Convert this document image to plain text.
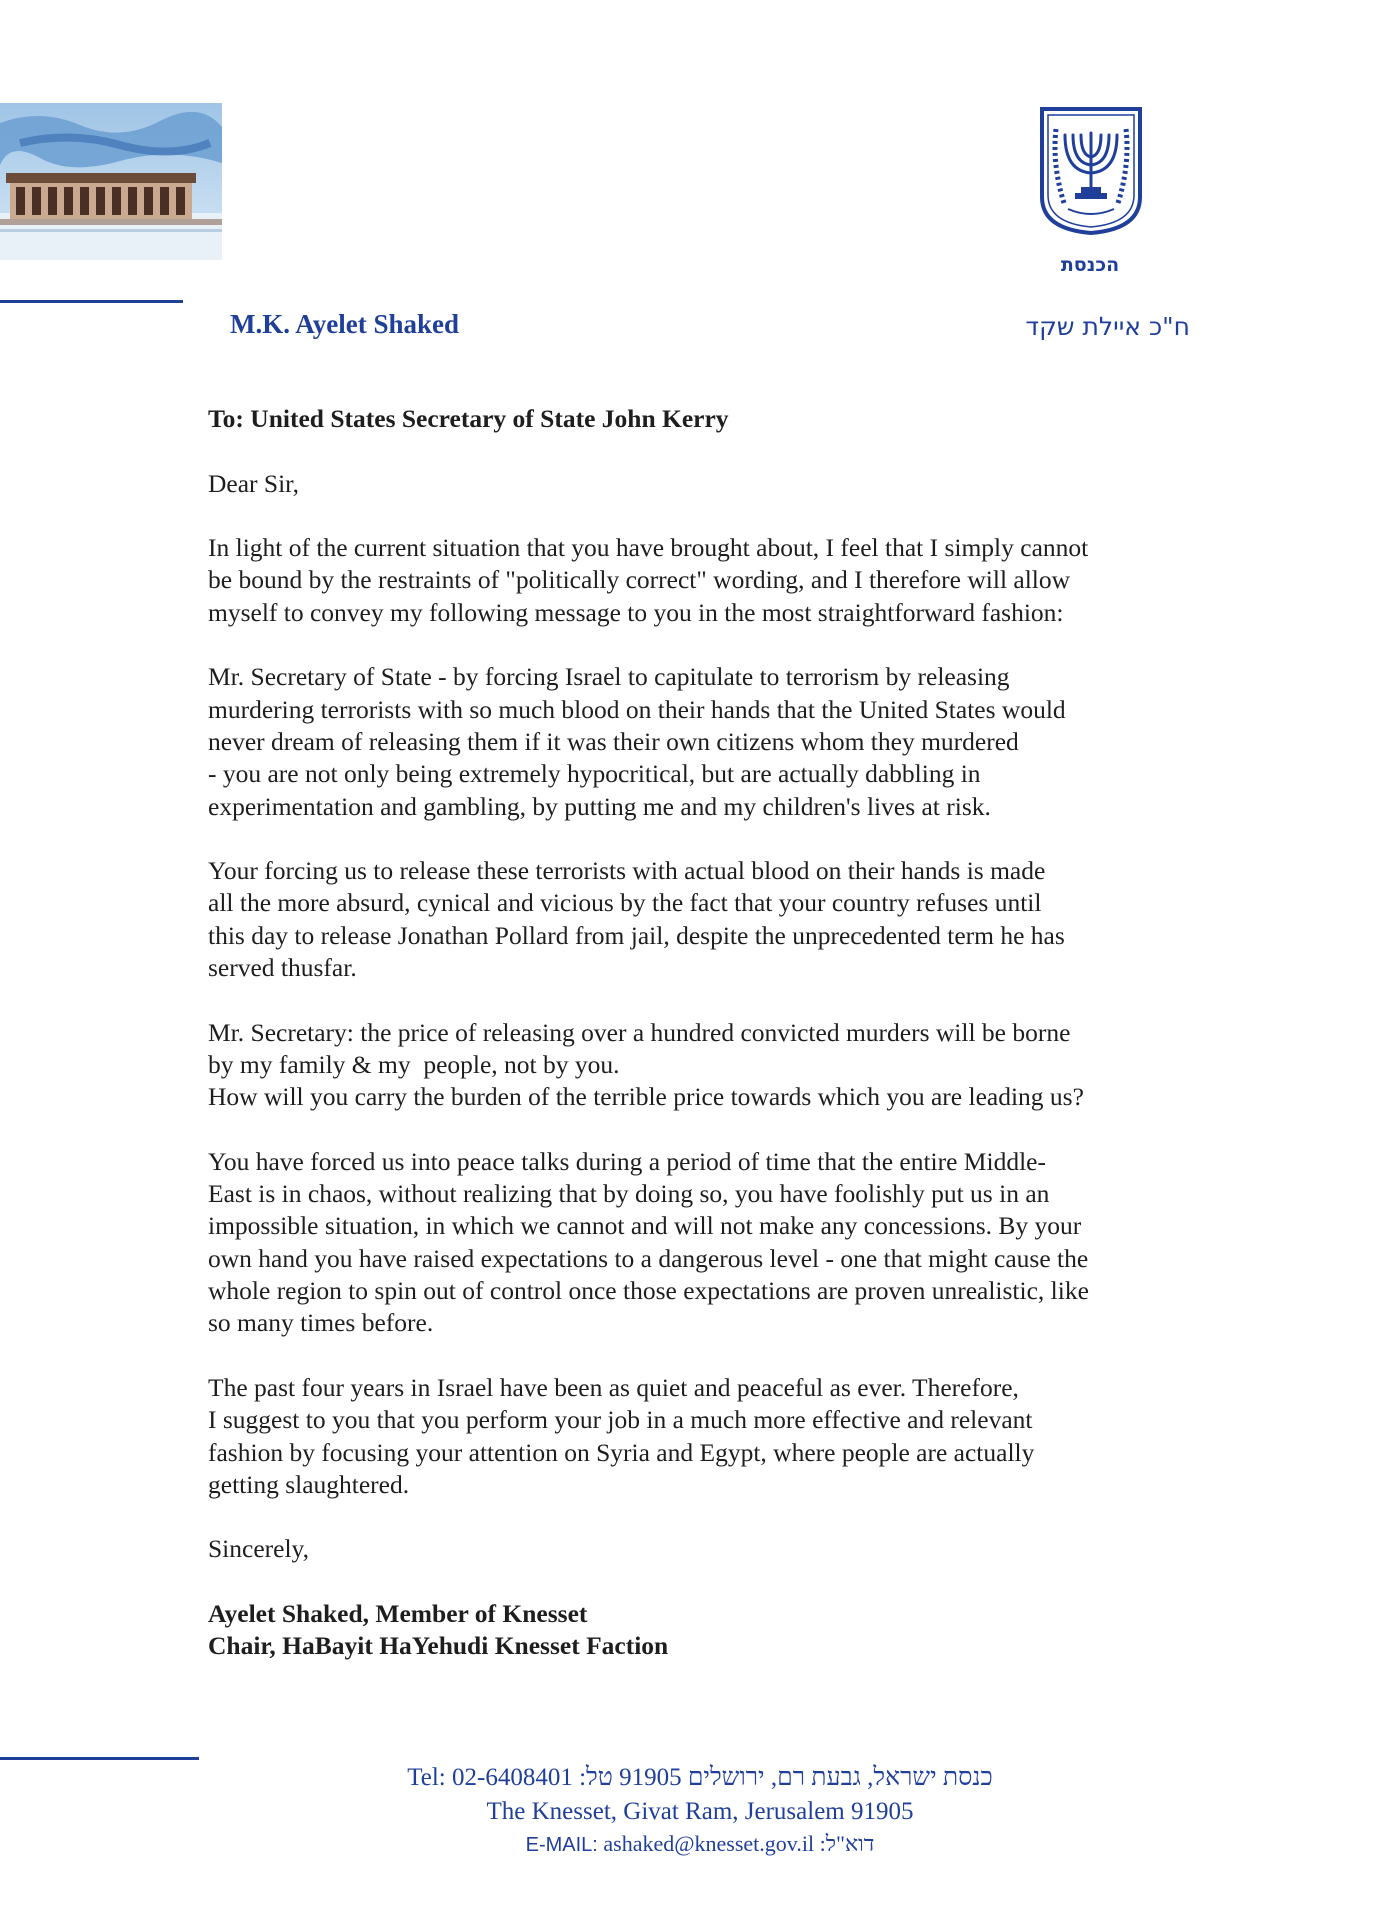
הכנסת
M.K. Ayelet Shaked	ח"כ איילת שקד

To: United States Secretary of State John Kerry

Dear Sir,

In light of the current situation that you have brought about, I feel that I simply cannot
be bound by the restraints of "politically correct" wording, and I therefore will allow
myself to convey my following message to you in the most straightforward fashion:

Mr. Secretary of State - by forcing Israel to capitulate to terrorism by releasing
murdering terrorists with so much blood on their hands that the United States would
never dream of releasing them if it was their own citizens whom they murdered
- you are not only being extremely hypocritical, but are actually dabbling in
experimentation and gambling, by putting me and my children's lives at risk.

Your forcing us to release these terrorists with actual blood on their hands is made
all the more absurd, cynical and vicious by the fact that your country refuses until
this day to release Jonathan Pollard from jail, despite the unprecedented term he has
served thusfar.

Mr. Secretary: the price of releasing over a hundred convicted murders will be borne
by my family & my  people, not by you.
How will you carry the burden of the terrible price towards which you are leading us?

You have forced us into peace talks during a period of time that the entire Middle-
East is in chaos, without realizing that by doing so, you have foolishly put us in an
impossible situation, in which we cannot and will not make any concessions. By your
own hand you have raised expectations to a dangerous level - one that might cause the
whole region to spin out of control once those expectations are proven unrealistic, like
so many times before.

The past four years in Israel have been as quiet and peaceful as ever. Therefore,
I suggest to you that you perform your job in a much more effective and relevant
fashion by focusing your attention on Syria and Egypt, where people are actually
getting slaughtered.

Sincerely,

Ayelet Shaked, Member of Knesset
Chair, HaBayit HaYehudi Knesset Faction
Tel: 02-6408401 :כנסת ישראל, גבעת רם, ירושלים 91905 טל
The Knesset, Givat Ram, Jerusalem 91905
E-MAIL: ashaked@knesset.gov.il :דוא"ל
